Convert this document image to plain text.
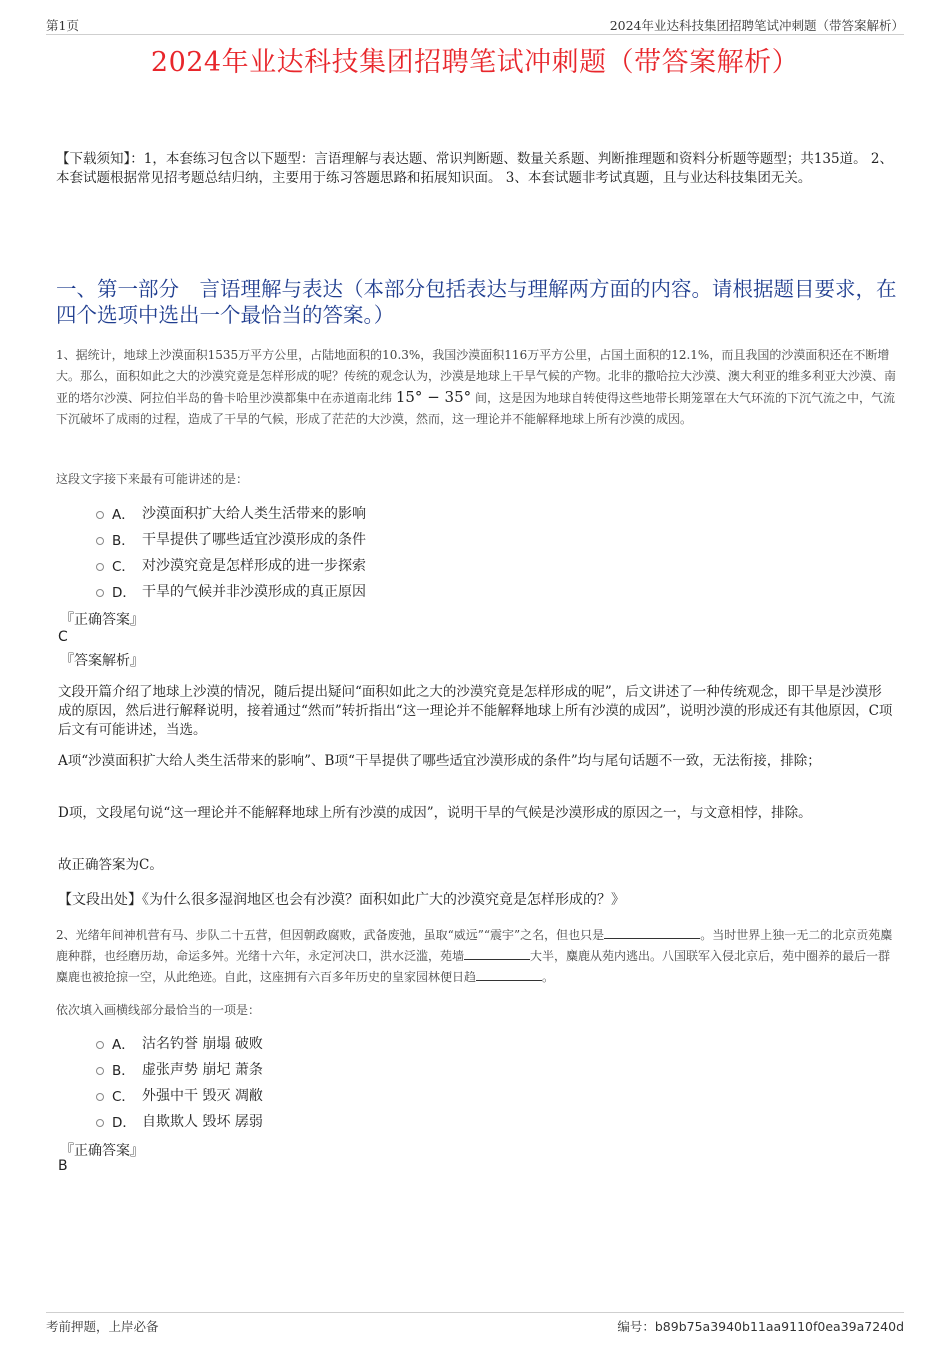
第1页	2024年业达科技集团招聘笔试冲刺题（带答案解析）
2024年业达科技集团招聘笔试冲刺题（带答案解析）
【下载须知】：1，本套练习包含以下题型：言语理解与表达题、常识判断题、数量关系题、判断推理题和资料分析题等题型；共135道。 2、本套试题根据常见招考题总结归纳，主要用于练习答题思路和拓展知识面。 3、本套试题非考试真题，且与业达科技集团无关。
一、第一部分　言语理解与表达（本部分包括表达与理解两方面的内容。请根据题目要求，在四个选项中选出一个最恰当的答案。）
1、据统计，地球上沙漠面积1535万平方公里，占陆地面积的10.3%，我国沙漠面积116万平方公里，占国土面积的12.1%，而且我国的沙漠面积还在不断增大。那么，面积如此之大的沙漠究竟是怎样形成的呢？传统的观念认为，沙漠是地球上干旱气候的产物。北非的撒哈拉大沙漠、澳大利亚的维多利亚大沙漠、南亚的塔尔沙漠、阿拉伯半岛的鲁卡哈里沙漠都集中在赤道南北纬 15° − 35° 间，这是因为地球自转使得这些地带长期笼罩在大气环流的下沉气流之中，气流下沉破坏了成雨的过程，造成了干旱的气候，形成了茫茫的大沙漠，然而，这一理论并不能解释地球上所有沙漠的成因。
这段文字接下来最有可能讲述的是：
A． 沙漠面积扩大给人类生活带来的影响
B． 干旱提供了哪些适宜沙漠形成的条件
C． 对沙漠究竟是怎样形成的进一步探索
D． 干旱的气候并非沙漠形成的真正原因
『正确答案』
C
『答案解析』
文段开篇介绍了地球上沙漠的情况，随后提出疑问“面积如此之大的沙漠究竟是怎样形成的呢”，后文讲述了一种传统观念，即干旱是沙漠形成的原因，然后进行解释说明，接着通过“然而”转折指出“这一理论并不能解释地球上所有沙漠的成因”，说明沙漠的形成还有其他原因，C项后文有可能讲述，当选。
A项“沙漠面积扩大给人类生活带来的影响”、B项“干旱提供了哪些适宜沙漠形成的条件”均与尾句话题不一致，无法衔接，排除；
D项，文段尾句说“这一理论并不能解释地球上所有沙漠的成因”，说明干旱的气候是沙漠形成的原因之一，与文意相悖，排除。
故正确答案为C。
【文段出处】《为什么很多湿润地区也会有沙漠？面积如此广大的沙漠究竟是怎样形成的？》
2、光绪年间神机营有马、步队二十五营，但因朝政腐败，武备废弛，虽取“威远”“震宇”之名，但也只是	。当时世界上独一无二的北京贡苑麋鹿种群，也经磨历劫，命运多舛。光绪十六年，永定河决口，洪水泛滥，苑墙	大半，麋鹿从苑内逃出。八国联军入侵北京后，苑中圈养的最后一群麋鹿也被抢掠一空，从此绝迹。自此，这座拥有六百多年历史的皇家园林便日趋	。
依次填入画横线部分最恰当的一项是：
A． 沽名钓誉 崩塌 破败
B． 虚张声势 崩圮 萧条
C． 外强中干 毁灭 凋敝
D． 自欺欺人 毁坏 孱弱
『正确答案』
B
考前押题，上岸必备	编号：b89b75a3940b11aa9110f0ea39a7240d
